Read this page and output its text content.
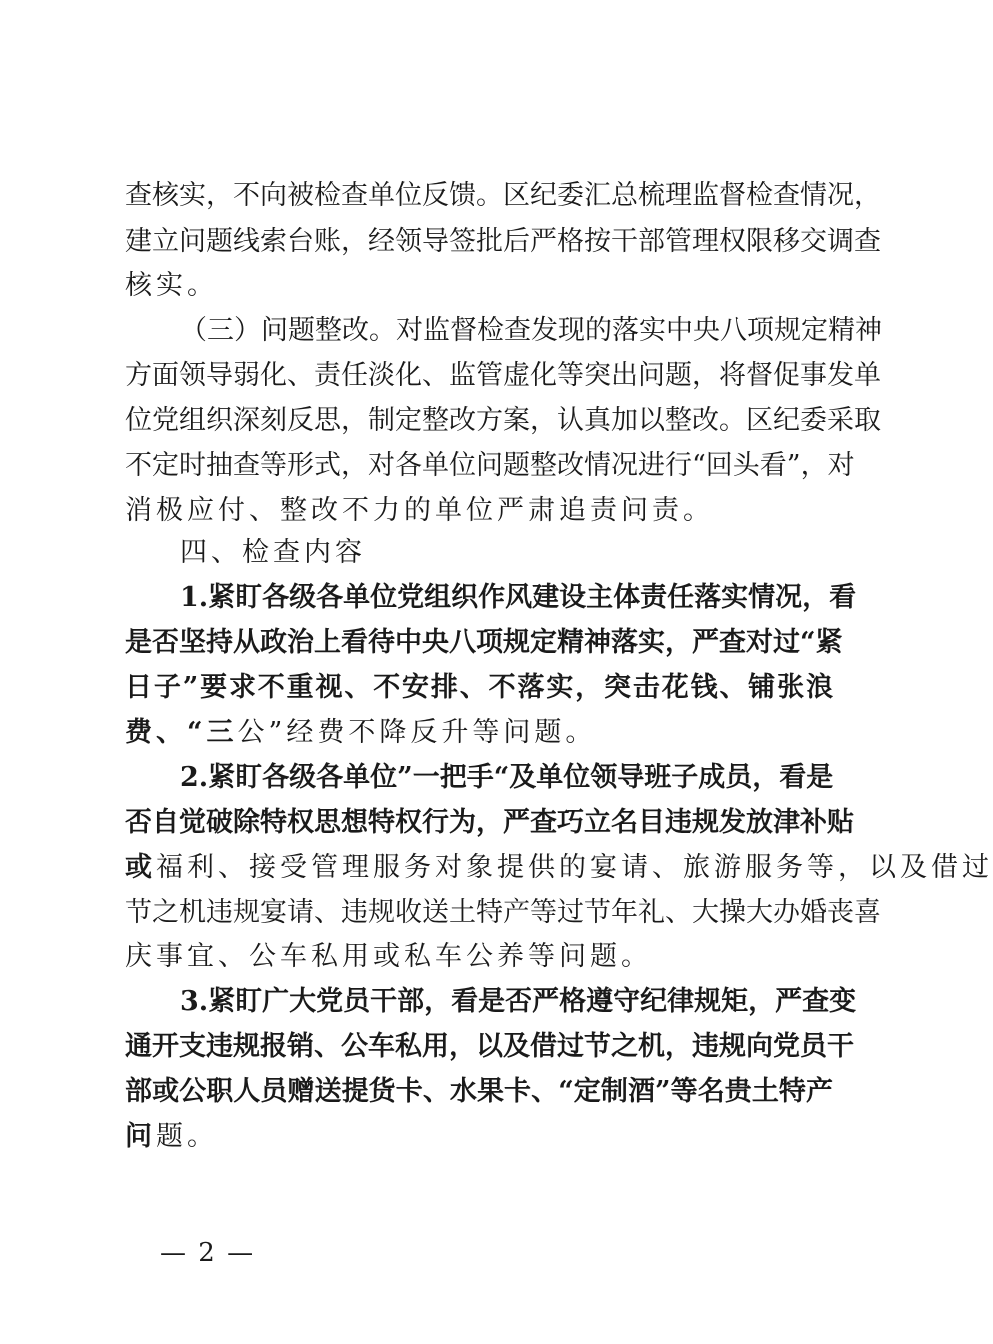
查核实，不向被检查单位反馈。区纪委汇总梳理监督检查情况，
建立问题线索台账，经领导签批后严格按干部管理权限移交调查
核实。
（三）问题整改。对监督检查发现的落实中央八项规定精神
方面领导弱化、责任淡化、监管虚化等突出问题，将督促事发单
位党组织深刻反思，制定整改方案，认真加以整改。区纪委采取
不定时抽查等形式，对各单位问题整改情况进行“回头看”，对
消极应付、整改不力的单位严肃追责问责。
四、检查内容
1.紧盯各级各单位党组织作风建设主体责任落实情况，看
是否坚持从政治上看待中央八项规定精神落实，严查对过“紧
日子”要求不重视、不安排、不落实，突击花钱、铺张浪
费、“三公”经费不降反升等问题。
2.紧盯各级各单位”一把手“及单位领导班子成员，看是
否自觉破除特权思想特权行为，严查巧立名目违规发放津补贴
或福利、接受管理服务对象提供的宴请、旅游服务等，以及借过
节之机违规宴请、违规收送土特产等过节年礼、大操大办婚丧喜
庆事宜、公车私用或私车公养等问题。
3.紧盯广大党员干部，看是否严格遵守纪律规矩，严查变
通开支违规报销、公车私用，以及借过节之机，违规向党员干
部或公职人员赠送提货卡、水果卡、“定制酒”等名贵土特产
问题。
— 2 —
